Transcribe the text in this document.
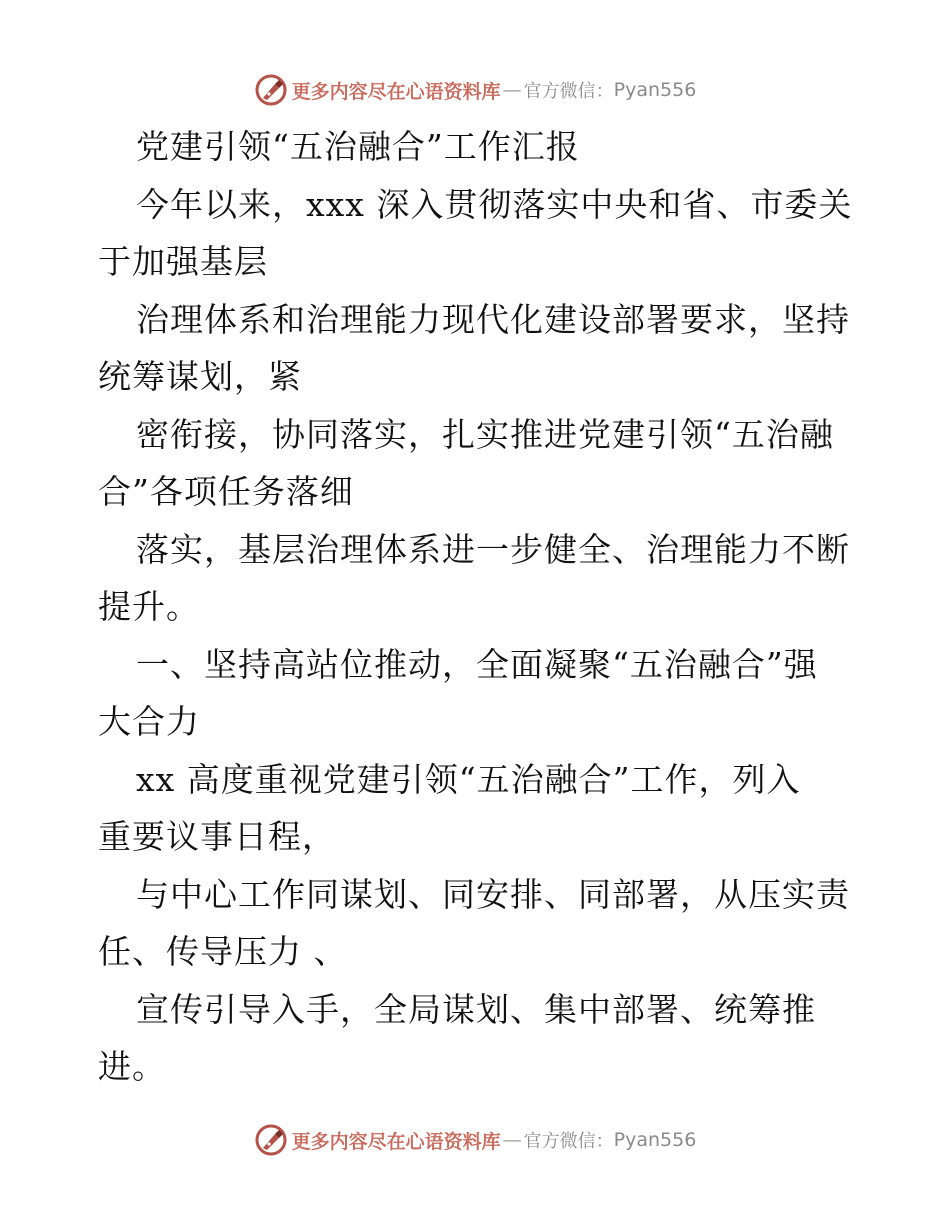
更多内容尽在心语资料库 — 官方微信： Pyan556
党建引领“五治融合”工作汇报
今年以来，xxx 深入贯彻落实中央和省、市委关
于加强基层
治理体系和治理能力现代化建设部署要求，坚持
统筹谋划，紧
密衔接，协同落实，扎实推进党建引领“五治融
合”各项任务落细
落实，基层治理体系进一步健全、治理能力不断
提升。
一、坚持高站位推动，全面凝聚“五治融合”强
大合力
xx 高度重视党建引领“五治融合”工作，列入
重要议事日程，
与中心工作同谋划、同安排、同部署，从压实责
任、传导压力 、
宣传引导入手，全局谋划、集中部署、统筹推
进。
更多内容尽在心语资料库 — 官方微信： Pyan556
